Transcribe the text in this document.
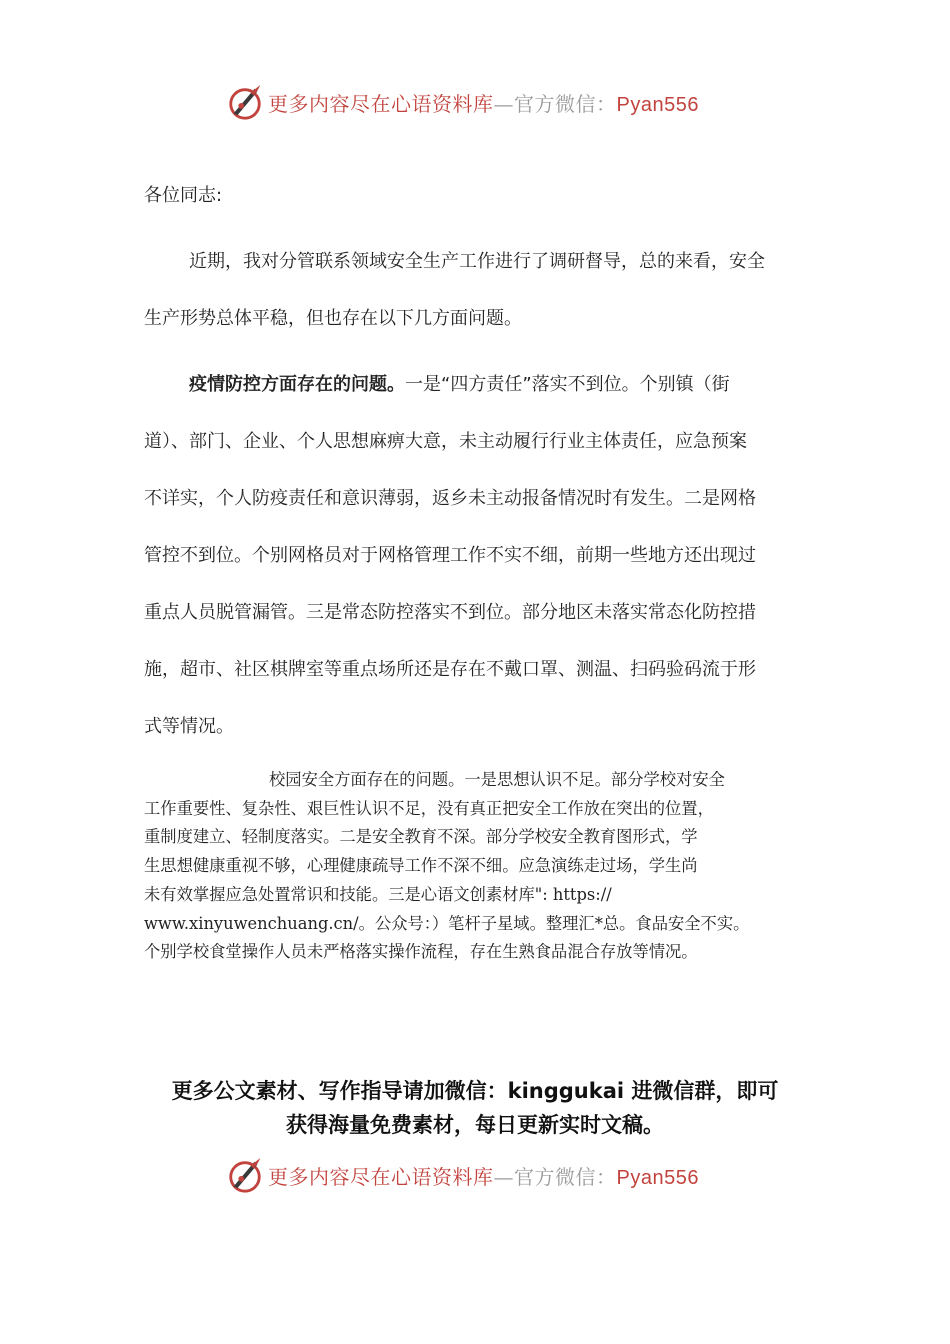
更多内容尽在心语资料库—官方微信：Pyan556
各位同志:
近期，我对分管联系领域安全生产工作进行了调研督导，总的来看，安全
生产形势总体平稳，但也存在以下几方面问题。
疫情防控方面存在的问题。一是“四方责任”落实不到位。个别镇（街
道）、部门、企业、个人思想麻痹大意，未主动履行行业主体责任，应急预案
不详实，个人防疫责任和意识薄弱，返乡未主动报备情况时有发生。二是网格
管控不到位。个别网格员对于网格管理工作不实不细，前期一些地方还出现过
重点人员脱管漏管。三是常态防控落实不到位。部分地区未落实常态化防控措
施，超市、社区棋牌室等重点场所还是存在不戴口罩、测温、扫码验码流于形
式等情况。
校园安全方面存在的问题。一是思想认识不足。部分学校对安全
工作重要性、复杂性、艰巨性认识不足，没有真正把安全工作放在突出的位置，
重制度建立、轻制度落实。二是安全教育不深。部分学校安全教育图形式，学
生思想健康重视不够，心理健康疏导工作不深不细。应急演练走过场，学生尚
未有效掌握应急处置常识和技能。三是心语文创素材库": https://
www.xinyuwenchuang.cn/。公众号：）笔杆子星域。整理汇*总。食品安全不实。
个别学校食堂操作人员未严格落实操作流程，存在生熟食品混合存放等情况。
更多公文素材、写作指导请加微信：kinggukai 进微信群，即可
获得海量免费素材，每日更新实时文稿。
更多内容尽在心语资料库—官方微信：Pyan556
